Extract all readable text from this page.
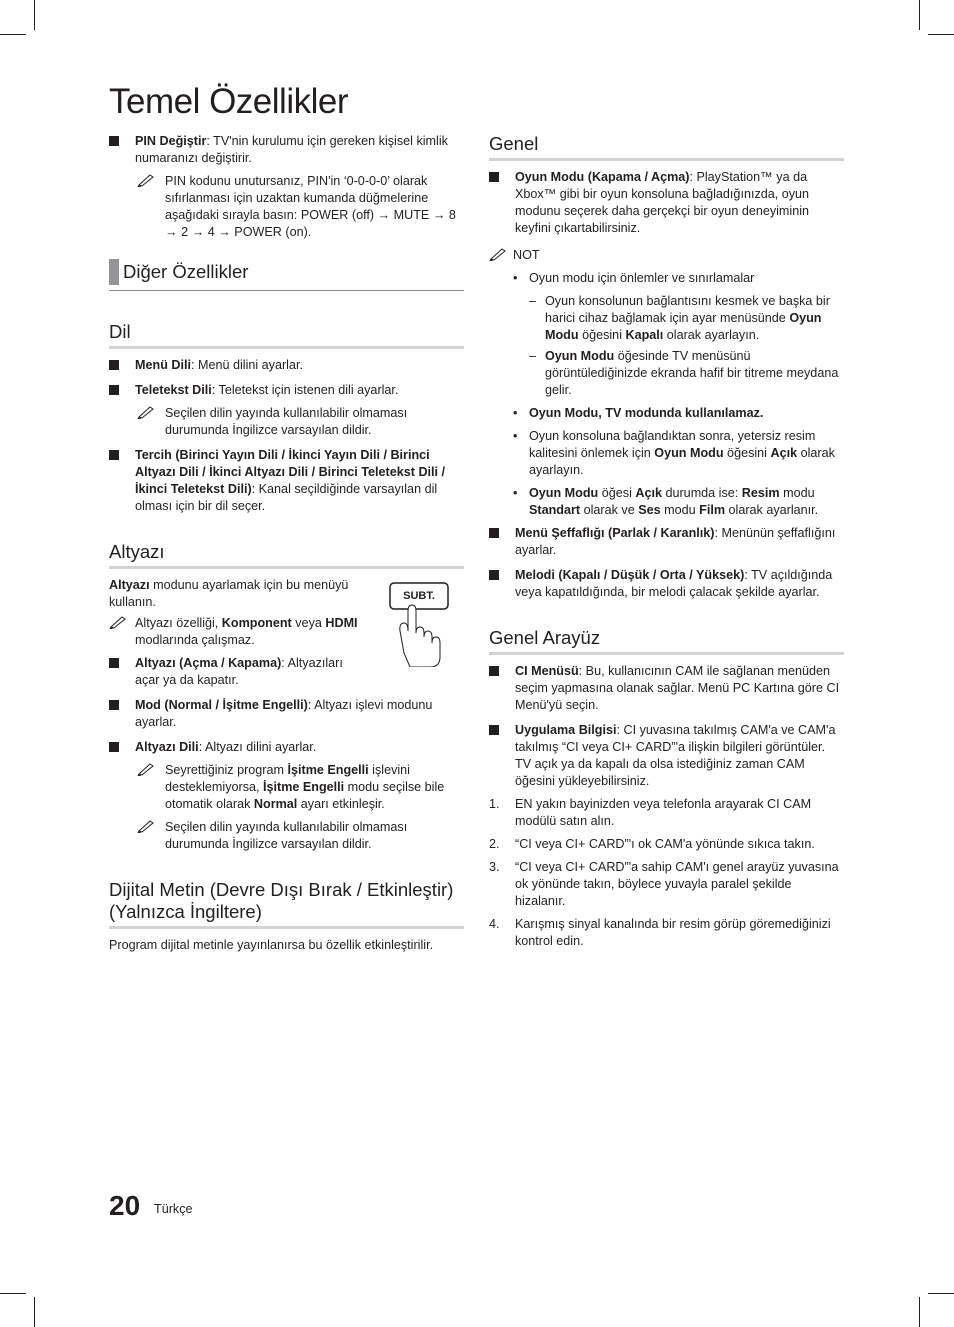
Temel Özellikler
PIN Değiştir: TV'nin kurulumu için gereken kişisel kimlik numaranızı değiştirir.
PIN kodunu unutursanız, PIN'in ‘0-0-0-0’ olarak sıfırlanması için uzaktan kumanda düğmelerine aşağıdaki sırayla basın: POWER (off) → MUTE → 8 → 2 → 4 → POWER (on).
Diğer Özellikler
Dil
Menü Dili: Menü dilini ayarlar.
Teletekst Dili: Teletekst için istenen dili ayarlar.
Seçilen dilin yayında kullanılabilir olmaması durumunda İngilizce varsayılan dildir.
Tercih (Birinci Yayın Dili / İkinci Yayın Dili / Birinci Altyazı Dili / İkinci Altyazı Dili / Birinci Teletekst Dili / İkinci Teletekst Dili): Kanal seçildiğinde varsayılan dil olması için bir dil seçer.
Altyazı
SUBT.
Altyazı modunu ayarlamak için bu menüyü kullanın.
Altyazı özelliği, Komponent veya HDMI modlarında çalışmaz.
Altyazı (Açma / Kapama): Altyazıları açar ya da kapatır.
Mod (Normal / İşitme Engelli): Altyazı işlevi modunu ayarlar.
Altyazı Dili: Altyazı dilini ayarlar.
Seyrettiğiniz program İşitme Engelli işlevini desteklemiyorsa, İşitme Engelli modu seçilse bile otomatik olarak Normal ayarı etkinleşir.
Seçilen dilin yayında kullanılabilir olmaması durumunda İngilizce varsayılan dildir.
Dijital Metin (Devre Dışı Bırak / Etkinleştir) (Yalnızca İngiltere)
Program dijital metinle yayınlanırsa bu özellik etkinleştirilir.
Genel
Oyun Modu (Kapama / Açma): PlayStation™ ya da Xbox™ gibi bir oyun konsoluna bağladığınızda, oyun modunu seçerek daha gerçekçi bir oyun deneyiminin keyfini çıkartabilirsiniz.
NOT
• Oyun modu için önlemler ve sınırlamalar
– Oyun konsolunun bağlantısını kesmek ve başka bir harici cihaz bağlamak için ayar menüsünde Oyun Modu öğesini Kapalı olarak ayarlayın.
– Oyun Modu öğesinde TV menüsünü görüntülediğinizde ekranda hafif bir titreme meydana gelir.
• Oyun Modu, TV modunda kullanılamaz.
• Oyun konsoluna bağlandıktan sonra, yetersiz resim kalitesini önlemek için Oyun Modu öğesini Açık olarak ayarlayın.
• Oyun Modu öğesi Açık durumda ise: Resim modu Standart olarak ve Ses modu Film olarak ayarlanır.
Menü Şeffaflığı (Parlak / Karanlık): Menünün şeffaflığını ayarlar.
Melodi (Kapalı / Düşük / Orta / Yüksek): TV açıldığında veya kapatıldığında, bir melodi çalacak şekilde ayarlar.
Genel Arayüz
CI Menüsü: Bu, kullanıcının CAM ile sağlanan menüden seçim yapmasına olanak sağlar. Menü PC Kartına göre CI Menü'yü seçin.
Uygulama Bilgisi: CI yuvasına takılmış CAM'a ve CAM'a takılmış “CI veya CI+ CARD”'a ilişkin bilgileri görüntüler. TV açık ya da kapalı da olsa istediğiniz zaman CAM öğesini yükleyebilirsiniz.
1. EN yakın bayinizden veya telefonla arayarak CI CAM modülü satın alın.
2. “CI veya CI+ CARD”'ı ok CAM'a yönünde sıkıca takın.
3. “CI veya CI+ CARD”'a sahip CAM'ı genel arayüz yuvasına ok yönünde takın, böylece yuvayla paralel şekilde hizalanır.
4. Karışmış sinyal kanalında bir resim görüp göremediğinizi kontrol edin.
20 Türkçe
